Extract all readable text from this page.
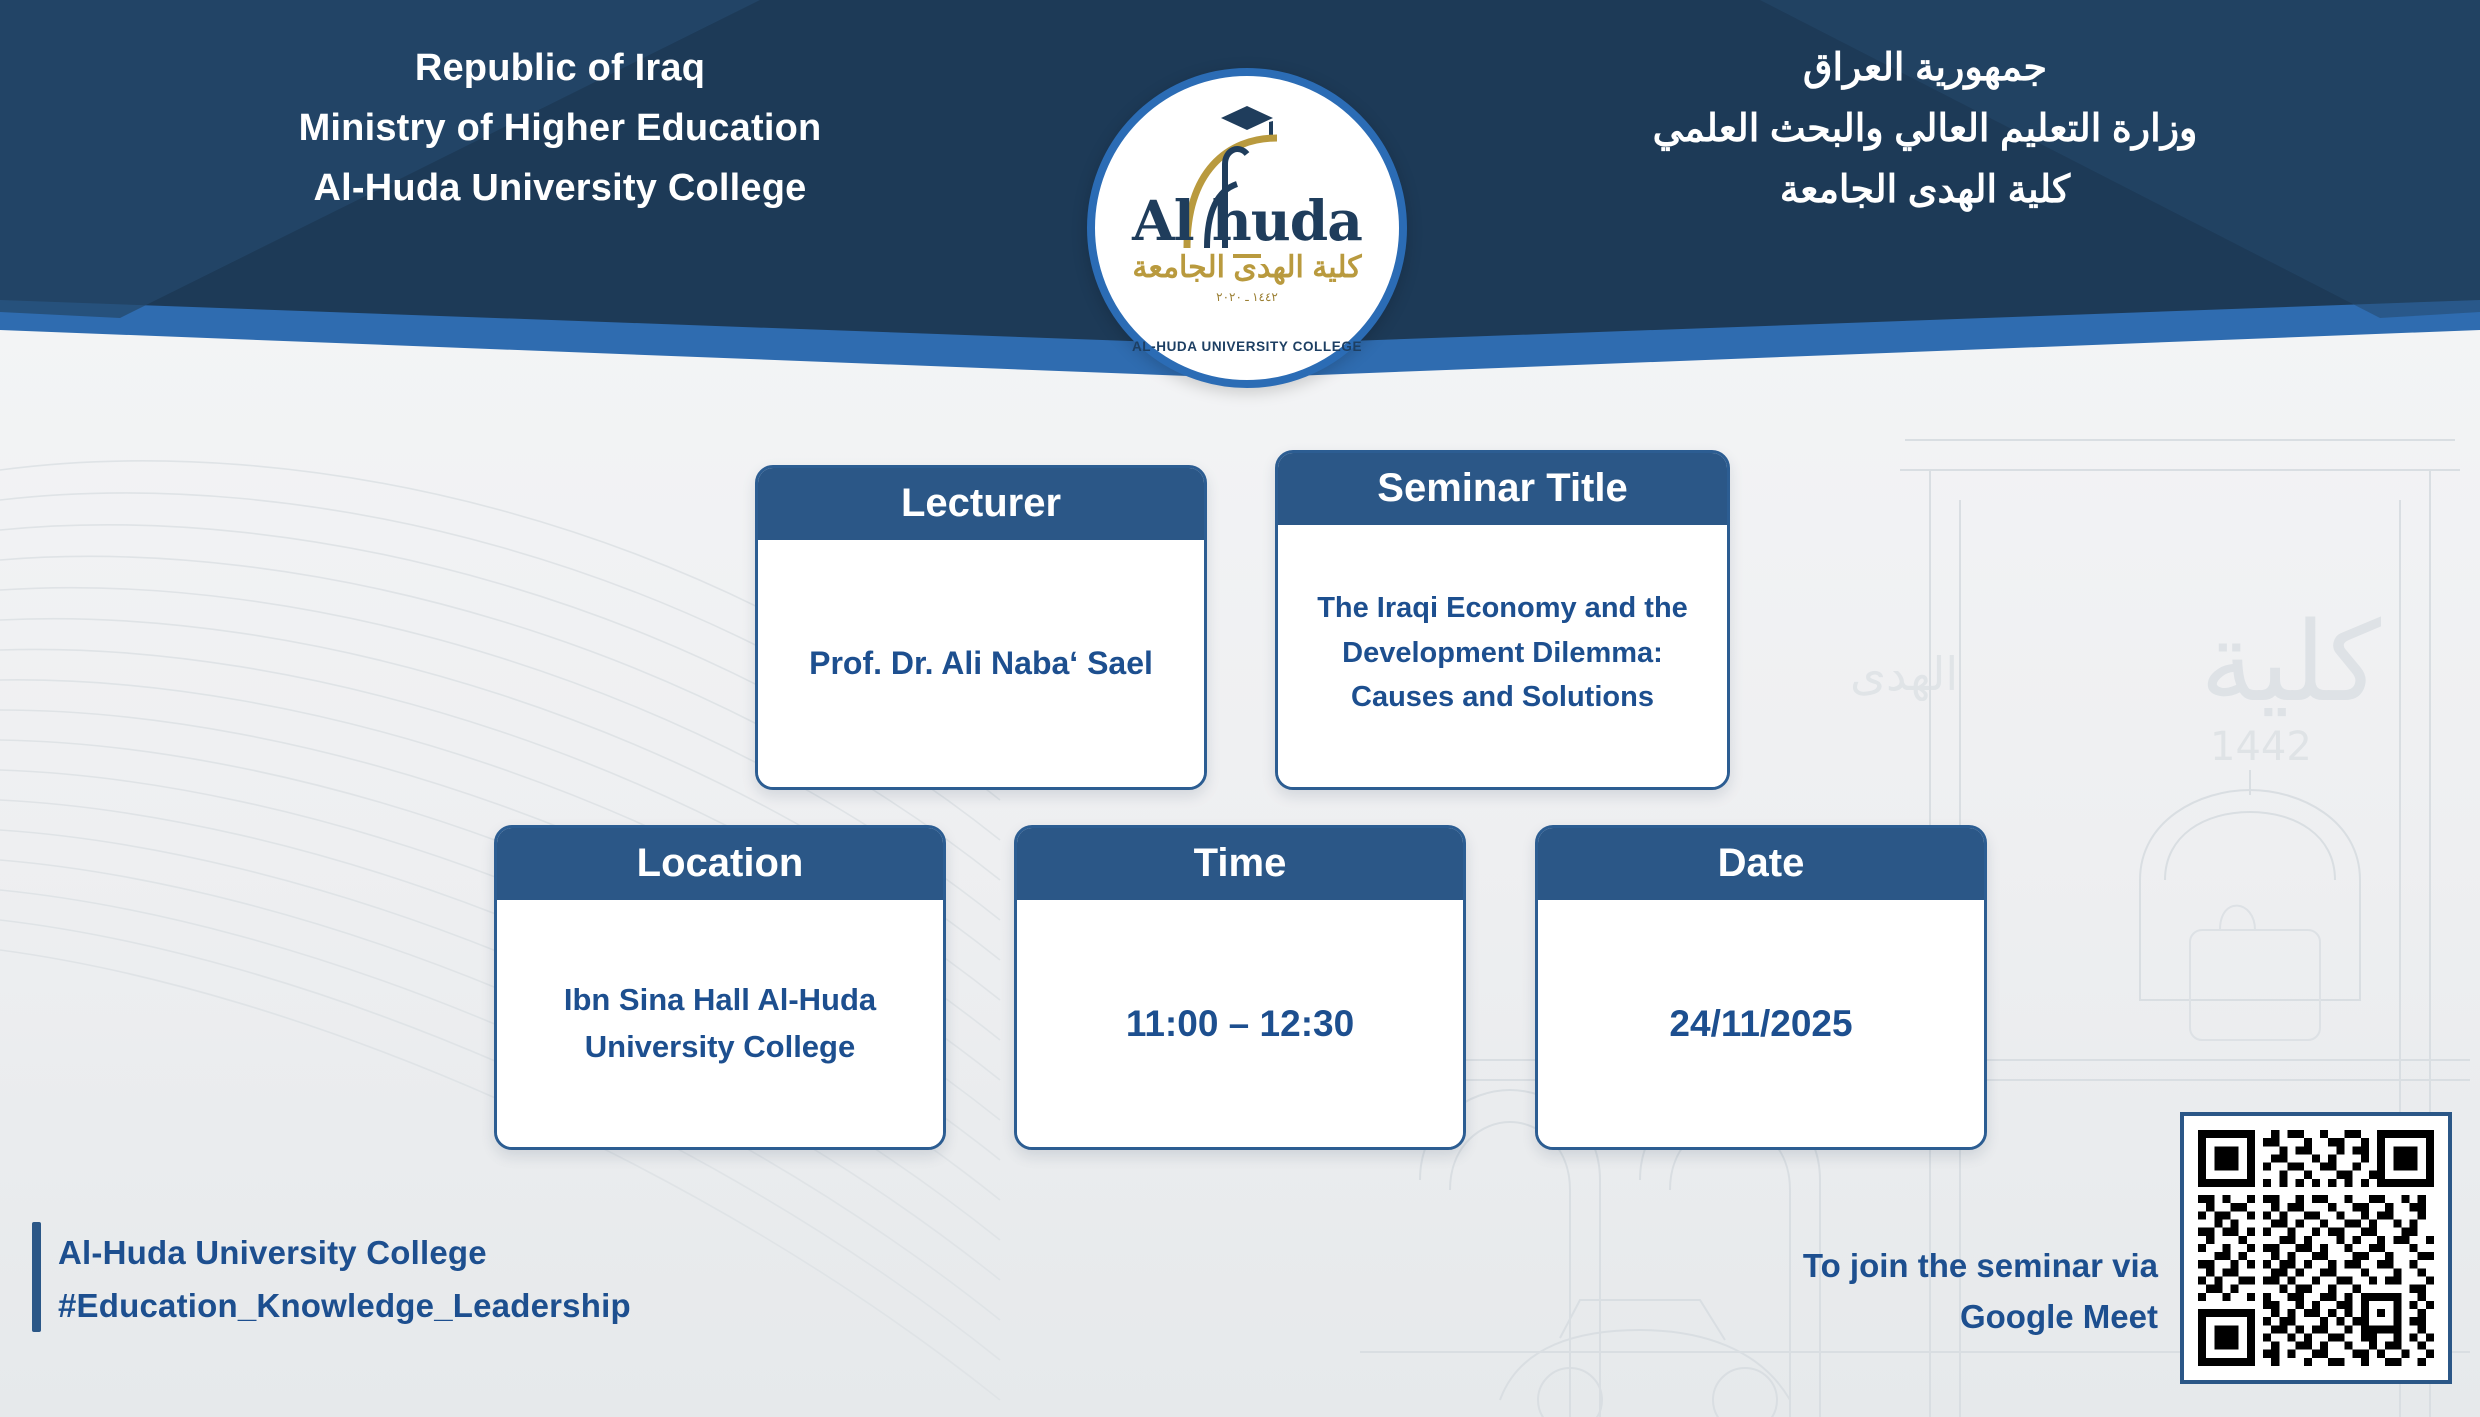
كلية
1442
الهدى
Republic of Iraq
Ministry of Higher Education
Al-Huda University College
جمهورية العراق
وزارة التعليم العالي والبحث العلمي
كلية الهدى الجامعة
Al huda
كلية الهدى الجامعة
١٤٤٢ ـ ٢٠٢٠
AL-HUDA UNIVERSITY COLLEGE
Lecturer
Prof. Dr. Ali Nabaʻ Sael
Seminar Title
The Iraqi Economy and the Development Dilemma: Causes and Solutions
Location
Ibn Sina Hall Al-Huda University College
Time
11:00 – 12:30
Date
24/11/2025
Al-Huda University College
#Education_Knowledge_Leadership
To join the seminar via
Google Meet
